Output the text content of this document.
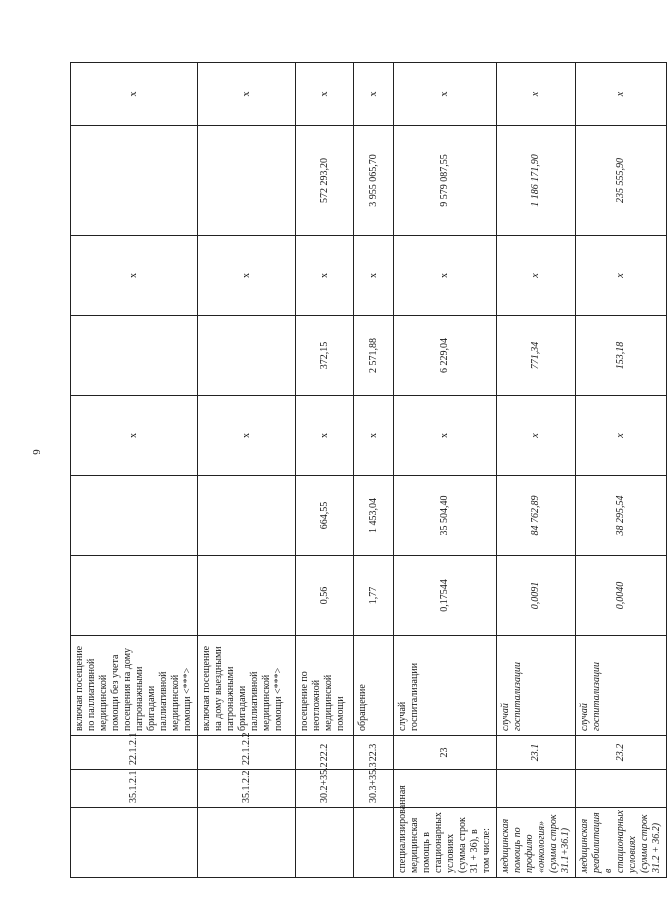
6
	35.1.2.1	22.1.2.1	включая посещение по паллиативной медицинской помощи без учета посещения на дому патронажными бригадами паллиативной медицинской помощи <***>			х		х		х
	35.1.2.2	22.1.2.2	включая посещение на дому выездными патронажными бригадами паллиативной медицинской помощи <***>			х		х		х
	30.2+35.2	22.2	посещение по неотложной медицинской помощи	0,56	664,55	х	372,15	х	572 293,20	х
	30.3+35.3	22.3	обращение	1,77	1 453,04	х	2 571,88	х	3 955 065,70	х
специализированная медицинская помощь в стационарных условиях (сумма строк 31 + 36), в том числе:		23	случай госпитализации	0,17544	35 504,40	х	6 229,04	х	9 579 087,55	х
медицинская помощь по профилю «онкология» (сумма строк 31.1+36.1)		23.1	случай госпитализации	0,0091	84 762,89	х	771,34	х	1 186 171,90	х
медицинская реабилитация в стационарных условиях (сумма строк 31.2 + 36.2)		23.2	случай госпитализации	0,0040	38 295,54	х	153,18	х	235 555,90	х
